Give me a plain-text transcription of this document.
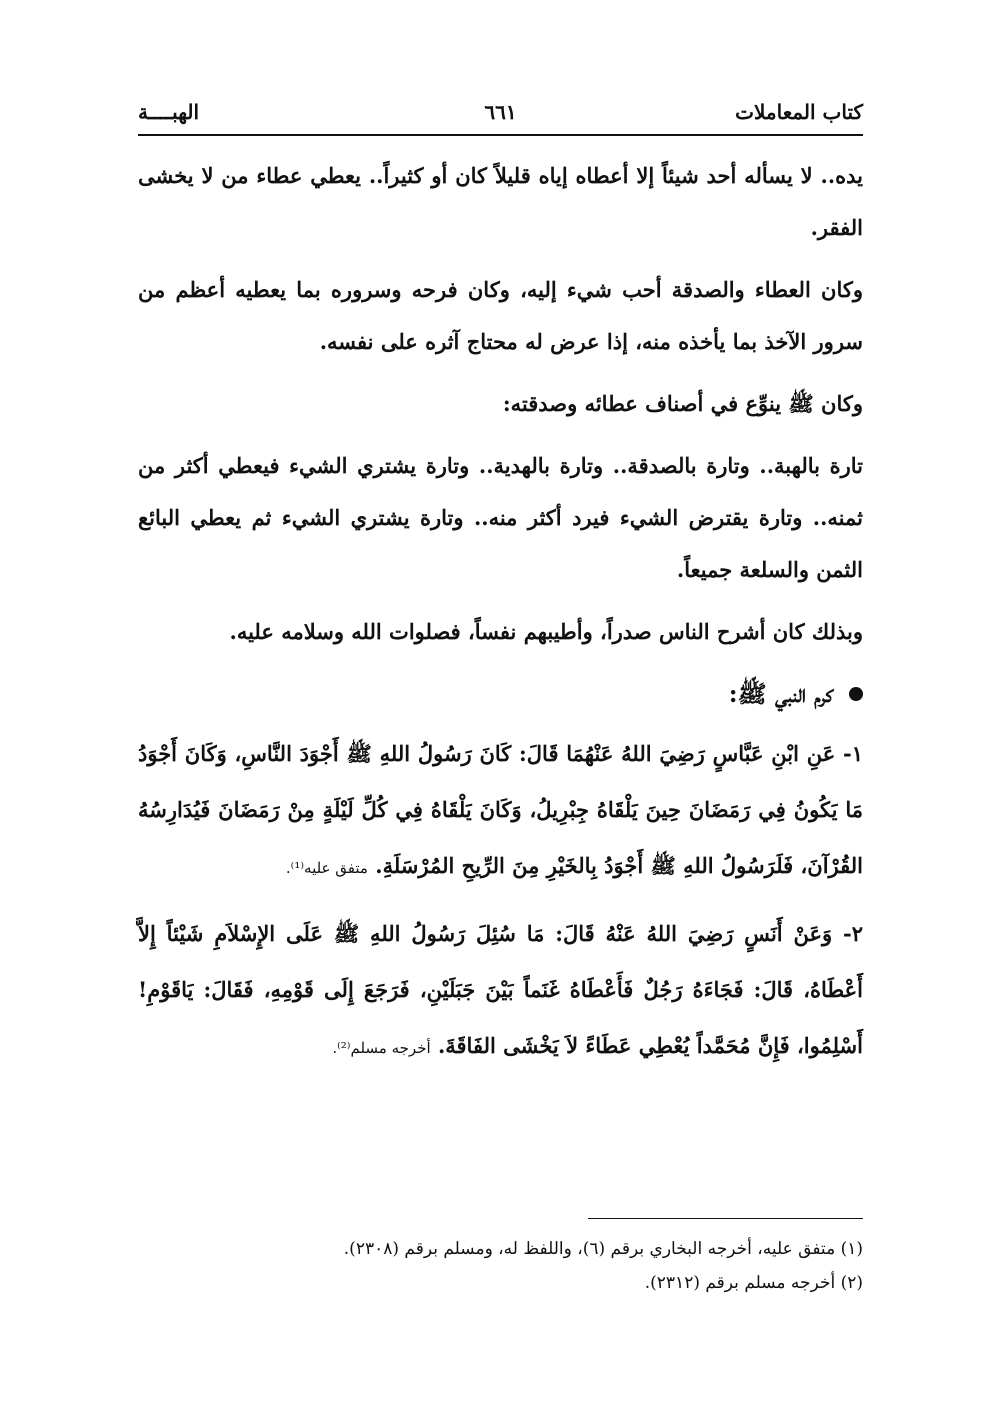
كتاب المعاملات
٦٦١
الهبــــة

يده.. لا يسأله أحد شيئاً إلا أعطاه إياه قليلاً كان أو كثيراً.. يعطي عطاء من لا يخشى الفقر.

وكان العطاء والصدقة أحب شيء إليه، وكان فرحه وسروره بما يعطيه أعظم من سرور الآخذ بما يأخذه منه، إذا عرض له محتاج آثره على نفسه.

وكان ﷺ ينوِّع في أصناف عطائه وصدقته:

تارة بالهبة.. وتارة بالصدقة.. وتارة بالهدية.. وتارة يشتري الشيء فيعطي أكثر من ثمنه.. وتارة يقترض الشيء فيرد أكثر منه.. وتارة يشتري الشيء ثم يعطي البائع الثمن والسلعة جميعاً.

وبذلك كان أشرح الناس صدراً، وأطيبهم نفساً، فصلوات الله وسلامه عليه.

كرم النبي ﷺ:

١- عَنِ ابْنِ عَبَّاسٍ رَضِيَ اللهُ عَنْهُمَا قَالَ: كَانَ رَسُولُ اللهِ ﷺ أَجْوَدَ النَّاسِ، وَكَانَ أَجْوَدُ مَا يَكُونُ فِي رَمَضَانَ حِينَ يَلْقَاهُ جِبْرِيلُ، وَكَانَ يَلْقَاهُ فِي كُلِّ لَيْلَةٍ مِنْ رَمَضَانَ فَيُدَارِسُهُ القُرْآنَ، فَلَرَسُولُ اللهِ ﷺ أَجْوَدُ بِالخَيْرِ مِنَ الرِّيحِ المُرْسَلَةِ. متفق عليه⁽¹⁾.

٢- وَعَنْ أَنَسٍ رَضِيَ اللهُ عَنْهُ قَالَ: مَا سُئِلَ رَسُولُ اللهِ ﷺ عَلَى الإِسْلاَمِ شَيْئاً إِلاَّ أَعْطَاهُ، قَالَ: فَجَاءَهُ رَجُلٌ فَأَعْطَاهُ غَنَماً بَيْنَ جَبَلَيْنِ، فَرَجَعَ إِلَى قَوْمِهِ، فَقَالَ: يَاقَوْمِ! أَسْلِمُوا، فَإِنَّ مُحَمَّداً يُعْطِي عَطَاءً لاَ يَخْشَى الفَاقَةَ. أخرجه مسلم⁽²⁾.

(١) متفق عليه، أخرجه البخاري برقم (٦)، واللفظ له، ومسلم برقم (٢٣٠٨).
(٢) أخرجه مسلم برقم (٢٣١٢).
